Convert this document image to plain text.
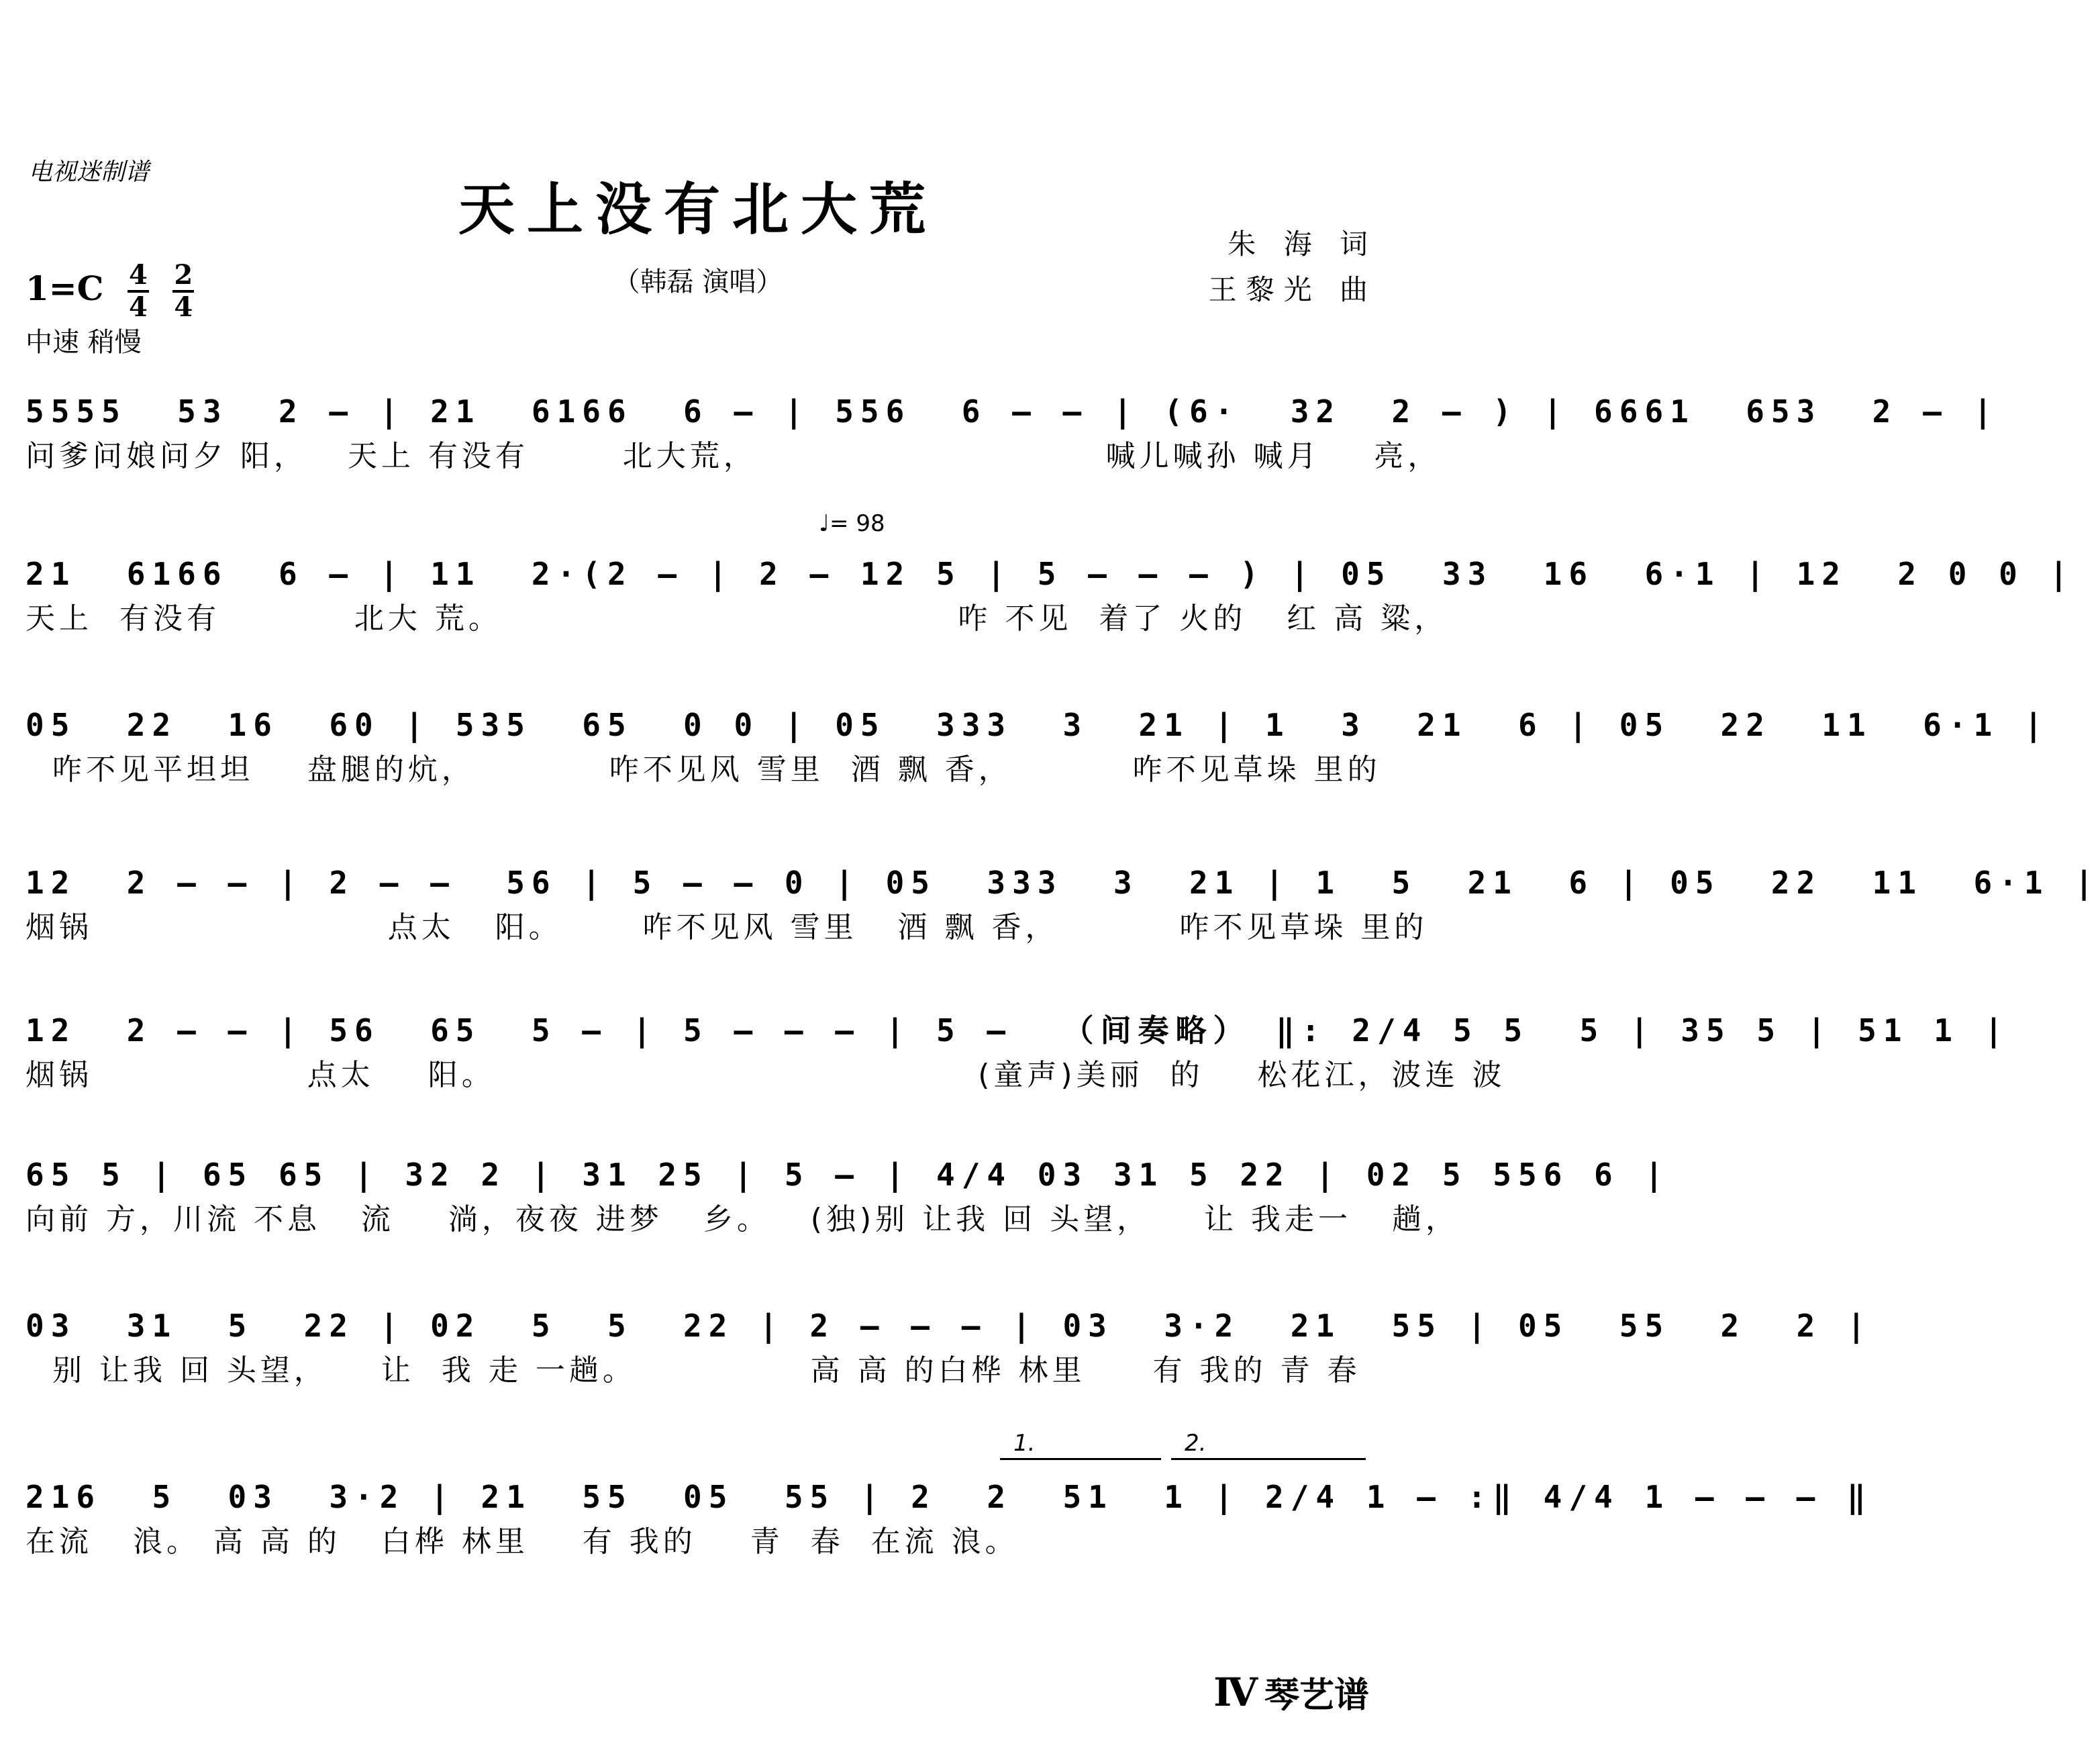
电视迷制谱
天上没有北大荒
（韩磊 演唱）
朱 海 词
王黎光 曲
$1=C \frac{4}{4}$
$\frac{2}{4}$
中速 稍慢
5555  53  2 – | 21  6166  6 – | 556  6 – – | (6·  32  2 – ) | 6661  653  2 – |
问爹问娘问夕 阳，   天上 有没有       北大荒，                          喊儿喊孙 喊月    亮，
♩= 98
21  6166  6 – | 11  2·(2 – | 2 – 12 5 | 5 – – – ) | 05  33  16  6·1 | 12  2 0 0 |
天上  有没有          北大 荒。                                  咋 不见  着了 火的   红 高 粱，
05  22  16  60 | 535  65  0 0 | 05  333  3  21 | 1  3  21  6 | 05  22  11  6·1 |
咋不见平坦坦    盘腿的炕，          咋不见风 雪里  酒 飘 香，         咋不见草垛 里的
12  2 – – | 2 – –  56 | 5 – – 0 | 05  333  3  21 | 1  5  21  6 | 05  22  11  6·1 |
烟锅                      点太   阳。      咋不见风 雪里   酒 飘 香，         咋不见草垛 里的
12  2 – – | 56  65  5 – | 5 – – – | 5 –  （间奏略） ‖: 2/4 5 5  5 | 35 5 | 51 1 |
烟锅                点太    阳。                                    (童声)美丽  的    松花江，波连 波
65 5 | 65 65 | 32 2 | 31 25 | 5 – | 4/4 03 31 5 22 | 02 5 556 6 |
向前 方，川流 不息   流    淌，夜夜 进梦   乡。   (独)别 让我 回 头望，    让 我走一   趟，
03  31  5  22 | 02  5  5  22 | 2 – – – | 03  3·2  21  55 | 05  55  2  2 |
别 让我 回 头望，    让  我 走 一趟。             高 高 的白桦 林里     有 我的 青 春
1.	2.
216  5  03  3·2 | 21  55  05  55 | 2  2  51  1 | 2/4 1 – :‖ 4/4 1 – – – ‖
在流   浪。 高 高 的   白桦 林里    有 我的    青  春  在流 浪。
Ⅳ 琴艺谱
